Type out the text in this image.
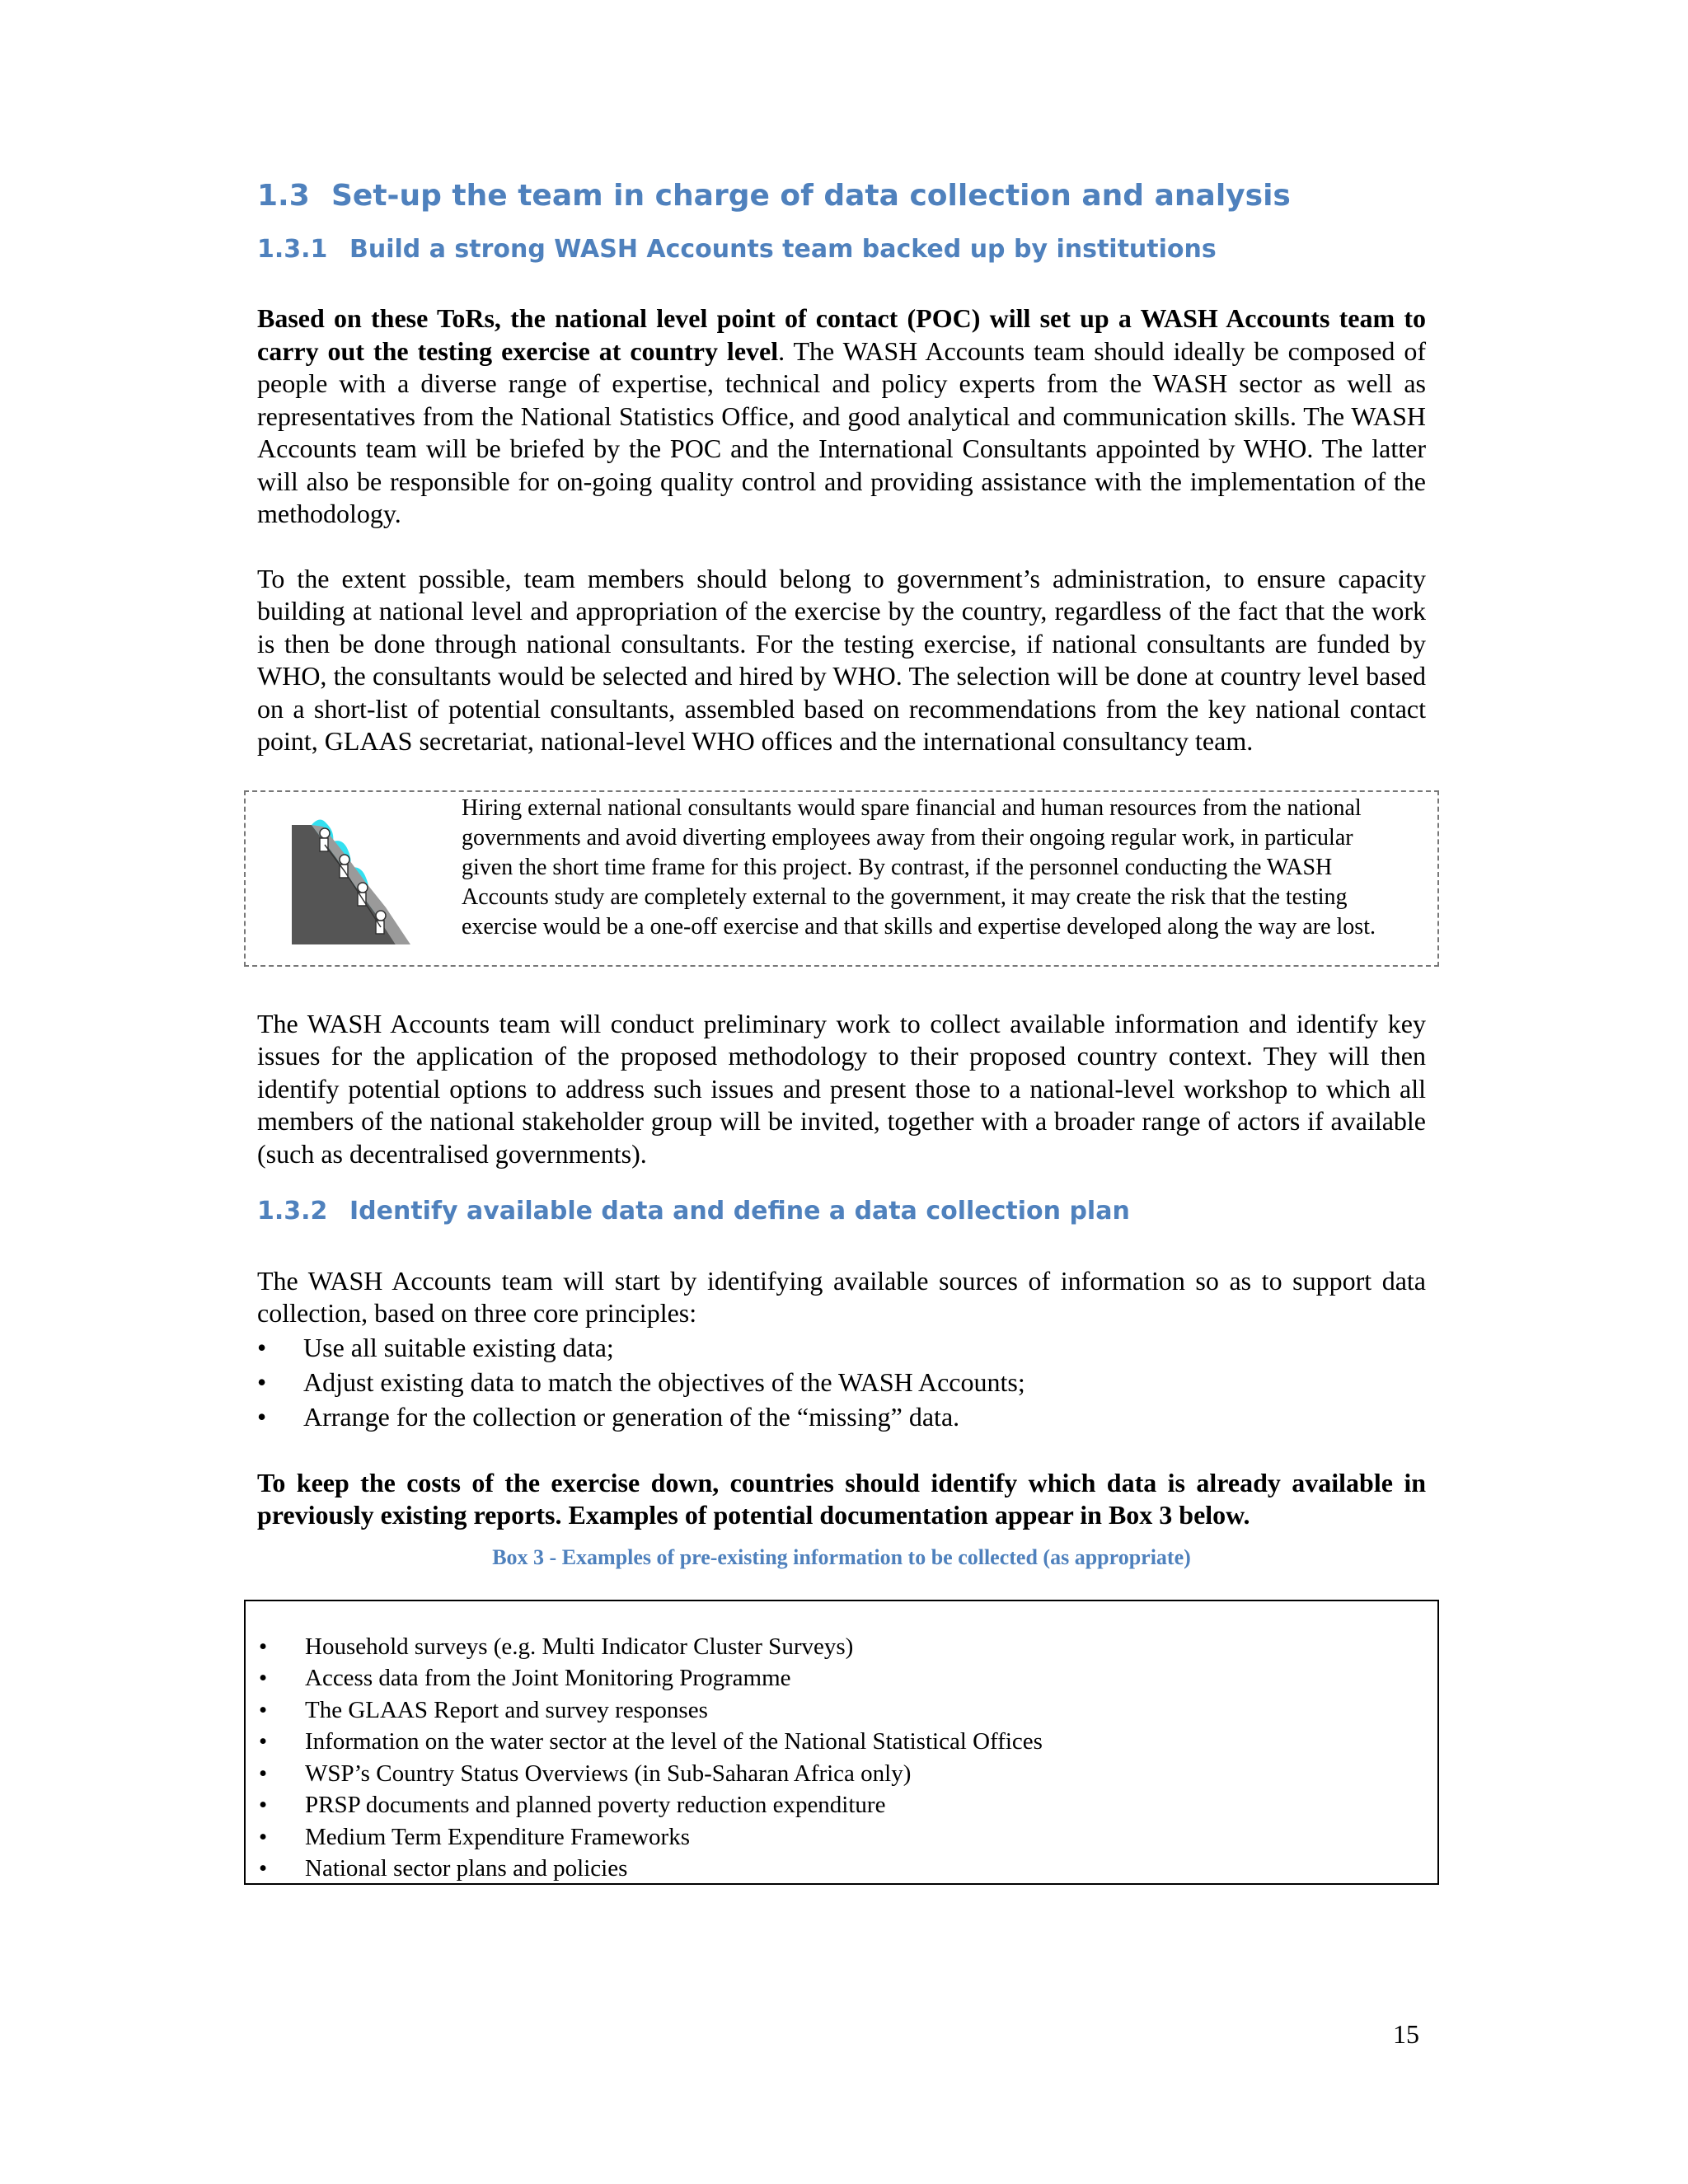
1.3 Set-up the team in charge of data collection and analysis
1.3.1 Build a strong WASH Accounts team backed up by institutions

Based on these ToRs, the national level point of contact (POC) will set up a WASH Accounts team to carry out the testing exercise at country level. The WASH Accounts team should ideally be composed of people with a diverse range of expertise, technical and policy experts from the WASH sector as well as representatives from the National Statistics Office, and good analytical and communication skills. The WASH Accounts team will be briefed by the POC and the International Consultants appointed by WHO. The latter will also be responsible for on-going quality control and providing assistance with the implementation of the methodology.

To the extent possible, team members should belong to government’s administration, to ensure capacity building at national level and appropriation of the exercise by the country, regardless of the fact that the work is then be done through national consultants. For the testing exercise, if national consultants are funded by WHO, the consultants would be selected and hired by WHO. The selection will be done at country level based on a short-list of potential consultants, assembled based on recommendations from the key national contact point, GLAAS secretariat, national-level WHO offices and the international consultancy team.

Hiring external national consultants would spare financial and human resources from the national governments and avoid diverting employees away from their ongoing regular work, in particular given the short time frame for this project. By contrast, if the personnel conducting the WASH Accounts study are completely external to the government, it may create the risk that the testing exercise would be a one-off exercise and that skills and expertise developed along the way are lost.

The WASH Accounts team will conduct preliminary work to collect available information and identify key issues for the application of the proposed methodology to their proposed country context. They will then identify potential options to address such issues and present those to a national-level workshop to which all members of the national stakeholder group will be invited, together with a broader range of actors if available (such as decentralised governments).

1.3.2 Identify available data and define a data collection plan

The WASH Accounts team will start by identifying available sources of information so as to support data collection, based on three core principles:

• Use all suitable existing data;
• Adjust existing data to match the objectives of the WASH Accounts;
• Arrange for the collection or generation of the “missing” data.

To keep the costs of the exercise down, countries should identify which data is already available in previously existing reports. Examples of potential documentation appear in Box 3 below.

Box 3 - Examples of pre-existing information to be collected (as appropriate)
• Household surveys (e.g. Multi Indicator Cluster Surveys)
• Access data from the Joint Monitoring Programme
• The GLAAS Report and survey responses
• Information on the water sector at the level of the National Statistical Offices
• WSP’s Country Status Overviews (in Sub-Saharan Africa only)
• PRSP documents and planned poverty reduction expenditure
• Medium Term Expenditure Frameworks
• National sector plans and policies
15
